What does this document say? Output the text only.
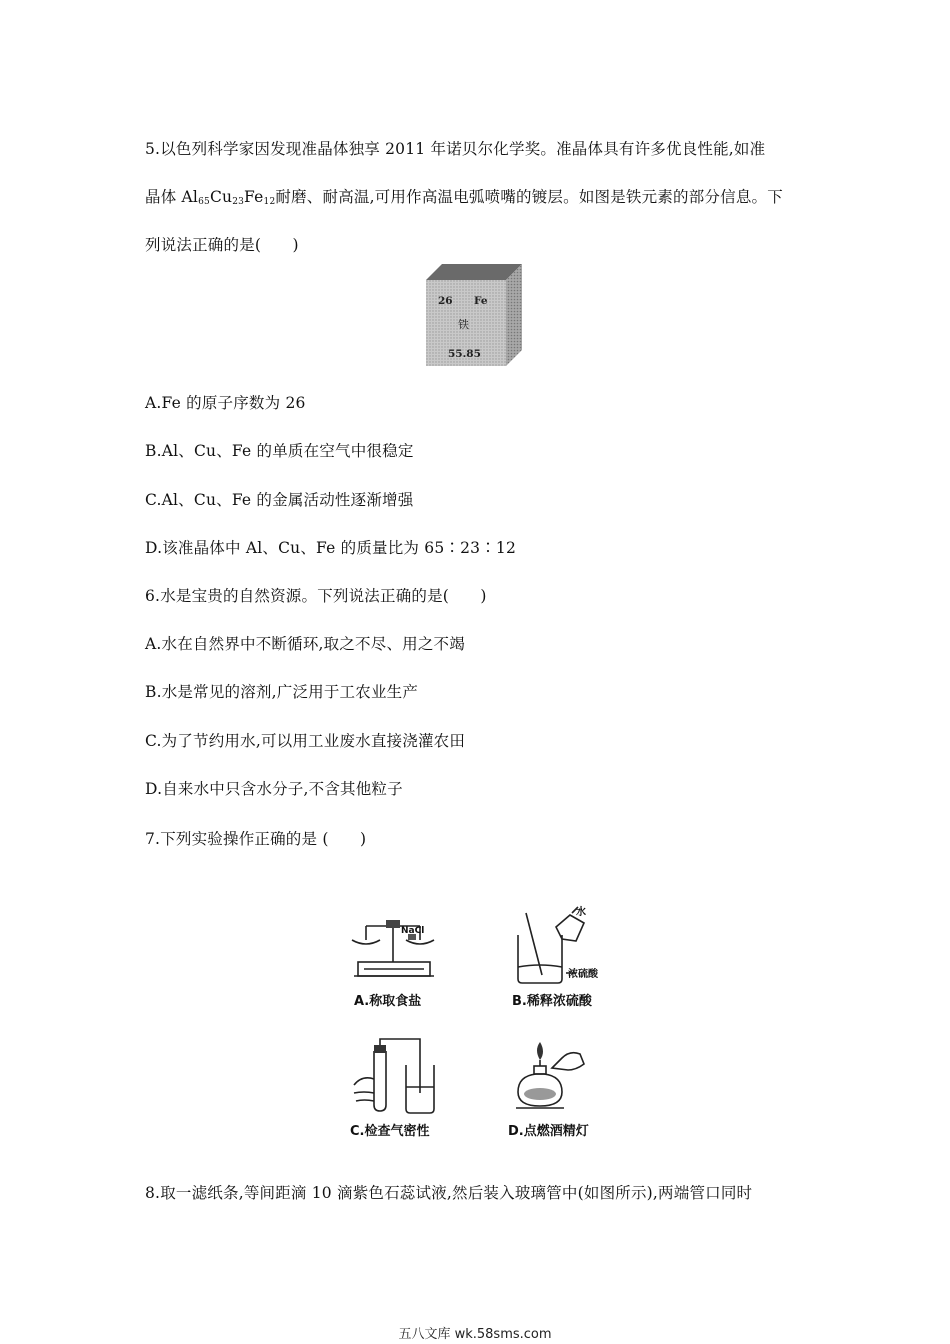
5.以色列科学家因发现准晶体独享 2011 年诺贝尔化学奖。准晶体具有许多优良性能,如准
晶体 $Al_{65}Cu_{23}Fe_{12}$耐磨、耐高温,可用作高温电弧喷嘴的镀层。如图是铁元素的部分信息。下
列说法正确的是(　　)
26 Fe
铁
55.85
A.Fe 的原子序数为 26
B.Al、Cu、Fe 的单质在空气中很稳定
C.Al、Cu、Fe 的金属活动性逐渐增强
D.该准晶体中 Al、Cu、Fe 的质量比为 65∶23∶12
6.水是宝贵的自然资源。下列说法正确的是(　　)
A.水在自然界中不断循环,取之不尽、用之不竭
B.水是常见的溶剂,广泛用于工农业生产
C.为了节约用水,可以用工业废水直接浇灌农田
D.自来水中只含水分子,不含其他粒子
7.下列实验操作正确的是 (　　)
NaCl
A.称取食盐
水
浓硫酸
B.稀释浓硫酸
C.检查气密性	D.点燃酒精灯
8.取一滤纸条,等间距滴 10 滴紫色石蕊试液,然后装入玻璃管中(如图所示),两端管口同时
五八文库 wk.58sms.com
